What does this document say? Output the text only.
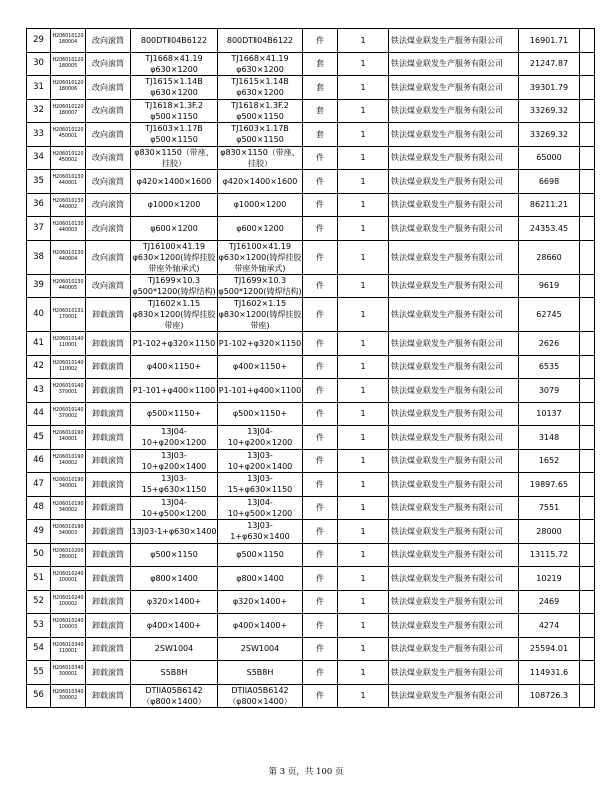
29	H206010120180004	改向滚筒	800DTⅡ04B6122	800DTⅡ04B6122	件	1	铁法煤业联发生产服务有限公司	16901.71	
30	H206010120180005	改向滚筒	TJ1668×41.19 φ630×1200	TJ1668×41.19 φ630×1200	套	1	铁法煤业联发生产服务有限公司	21247.87	
31	H206010120180006	改向滚筒	TJ1615×1.14B φ630×1200	TJ1615×1.14B φ630×1200	套	1	铁法煤业联发生产服务有限公司	39301.79	
32	H206010120180007	改向滚筒	TJ1618×1.3F.2 φ500×1150	TJ1618×1.3F.2 φ500×1150	套	1	铁法煤业联发生产服务有限公司	33269.32	
33	H206010120450001	改向滚筒	TJ1603×1.17B φ500×1150	TJ1603×1.17B φ500×1150	套	1	铁法煤业联发生产服务有限公司	33269.32	
34	H206010120450002	改向滚筒	φ830×1150（带座、挂胶）	φ830×1150（带座、挂胶）	件	1	铁法煤业联发生产服务有限公司	65000	
35	H206010130440001	改向滚筒	φ420×1400×1600	φ420×1400×1600	件	1	铁法煤业联发生产服务有限公司	6698	
36	H206010130440002	改向滚筒	φ1000×1200	φ1000×1200	件	1	铁法煤业联发生产服务有限公司	86211.21	
37	H206010130440003	改向滚筒	φ600×1200	φ600×1200	件	1	铁法煤业联发生产服务有限公司	24353.45	
38	H206010130440004	改向滚筒	TJ16100×41.19 φ630×1200(铸焊挂胶带座外轴承式)	TJ16100×41.19 φ630×1200(铸焊挂胶带座外轴承式)	件	1	铁法煤业联发生产服务有限公司	28660	
39	H206010130440005	改向滚筒	TJ1699×10.3 φ500*1200(铸焊结构)	TJ1699×10.3 φ500*1200(铸焊结构)	件	1	铁法煤业联发生产服务有限公司	9619	
40	H206010131170001	卸载滚筒	TJ1602×1.15 φ830×1200(铸焊挂胶带座)	TJ1602×1.15 φ830×1200(铸焊挂胶带座)	件	1	铁法煤业联发生产服务有限公司	62745	
41	H206010140110001	卸载滚筒	P1-102+φ320×1150	P1-102+φ320×1150	件	1	铁法煤业联发生产服务有限公司	2626	
42	H206010140110002	卸载滚筒	φ400×1150+	φ400×1150+	件	1	铁法煤业联发生产服务有限公司	6535	
43	H206010140370001	卸载滚筒	P1-101+φ400×1100	P1-101+φ400×1100	件	1	铁法煤业联发生产服务有限公司	3079	
44	H206010140370002	卸载滚筒	φ500×1150+	φ500×1150+	件	1	铁法煤业联发生产服务有限公司	10137	
45	H206010190140001	卸载滚筒	13J04-10+φ200×1200	13J04-10+φ200×1200	件	1	铁法煤业联发生产服务有限公司	3148	
46	H206010190140002	卸载滚筒	13J03-10+φ200×1400	13J03-10+φ200×1400	件	1	铁法煤业联发生产服务有限公司	1652	
47	H206010190340001	卸载滚筒	13J03-15+φ630×1150	13J03-15+φ630×1150	件	1	铁法煤业联发生产服务有限公司	19897.65	
48	H206010190340002	卸载滚筒	13J04-10+φ500×1200	13J04-10+φ500×1200	件	1	铁法煤业联发生产服务有限公司	7551	
49	H206010190340003	卸载滚筒	13J03-1+φ630×1400	13J03-1+φ630×1400	件	1	铁法煤业联发生产服务有限公司	28000	
50	H206010200280001	卸载滚筒	φ500×1150	φ500×1150	件	1	铁法煤业联发生产服务有限公司	13115.72	
51	H206010240100001	卸载滚筒	φ800×1400	φ800×1400	件	1	铁法煤业联发生产服务有限公司	10219	
52	H206010240100002	卸载滚筒	φ320×1400+	φ320×1400+	件	1	铁法煤业联发生产服务有限公司	2469	
53	H206010240100003	卸载滚筒	φ400×1400+	φ400×1400+	件	1	铁法煤业联发生产服务有限公司	4274	
54	H206010340110001	卸载滚筒	2SW1004	2SW1004	件	1	铁法煤业联发生产服务有限公司	25594.01	
55	H206010340300001	卸载滚筒	S5B8H	S5B8H	件	1	铁法煤业联发生产服务有限公司	114931.6	
56	H206010340300002	卸载滚筒	DTIIA05B6142（φ800×1400）	DTIIA05B6142（φ800×1400）	件	1	铁法煤业联发生产服务有限公司	108726.3	
第 3 页，共 100 页
